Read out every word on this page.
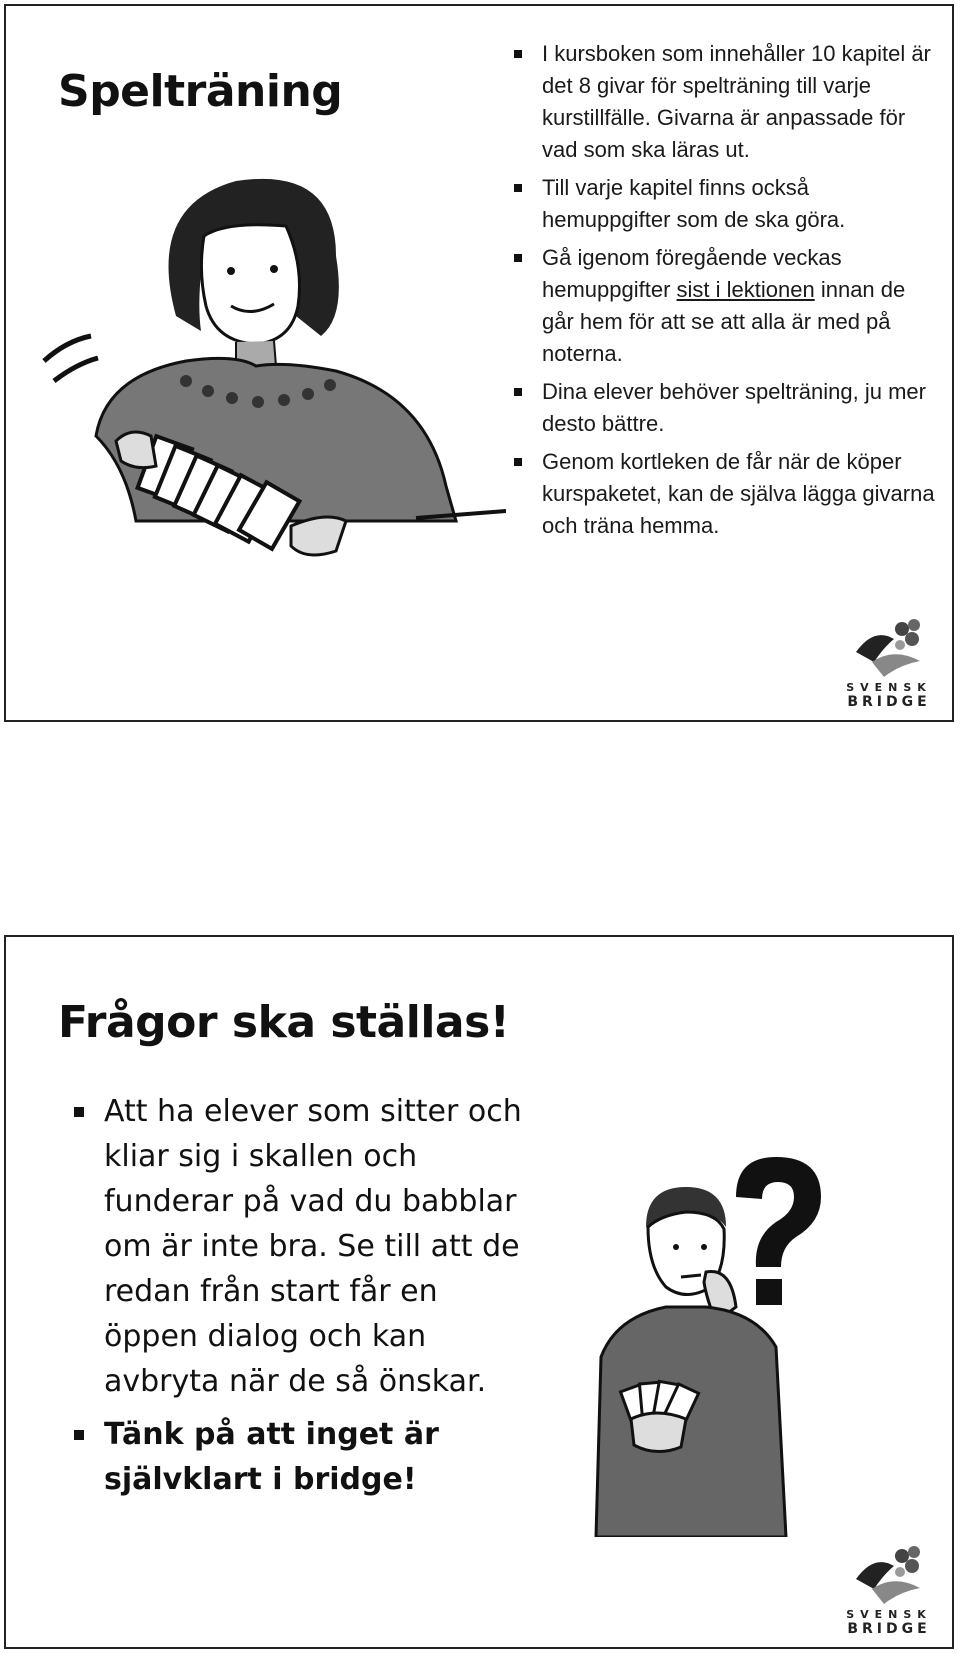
Spelträning
I kursboken som innehåller 10 kapitel är det 8 givar för spelträning till varje kurstillfälle. Givarna är anpassade för vad som ska läras ut.
Till varje kapitel finns också hemuppgifter som de ska göra.
Gå igenom föregående veckas hemuppgifter sist i lektionen innan de går hem för att se att alla är med på noterna.
Dina elever behöver spelträning, ju mer desto bättre.
Genom kortleken de får när de köper kurspaketet, kan de själva lägga givarna och träna hemma.
SVENSK
BRIDGE
Frågor ska ställas!
Att ha elever som sitter och kliar sig i skallen och funderar på vad du babblar om är inte bra. Se till att de redan från start får en öppen dialog och kan avbryta när de så önskar.
Tänk på att inget är självklart i bridge!
SVENSK
BRIDGE
